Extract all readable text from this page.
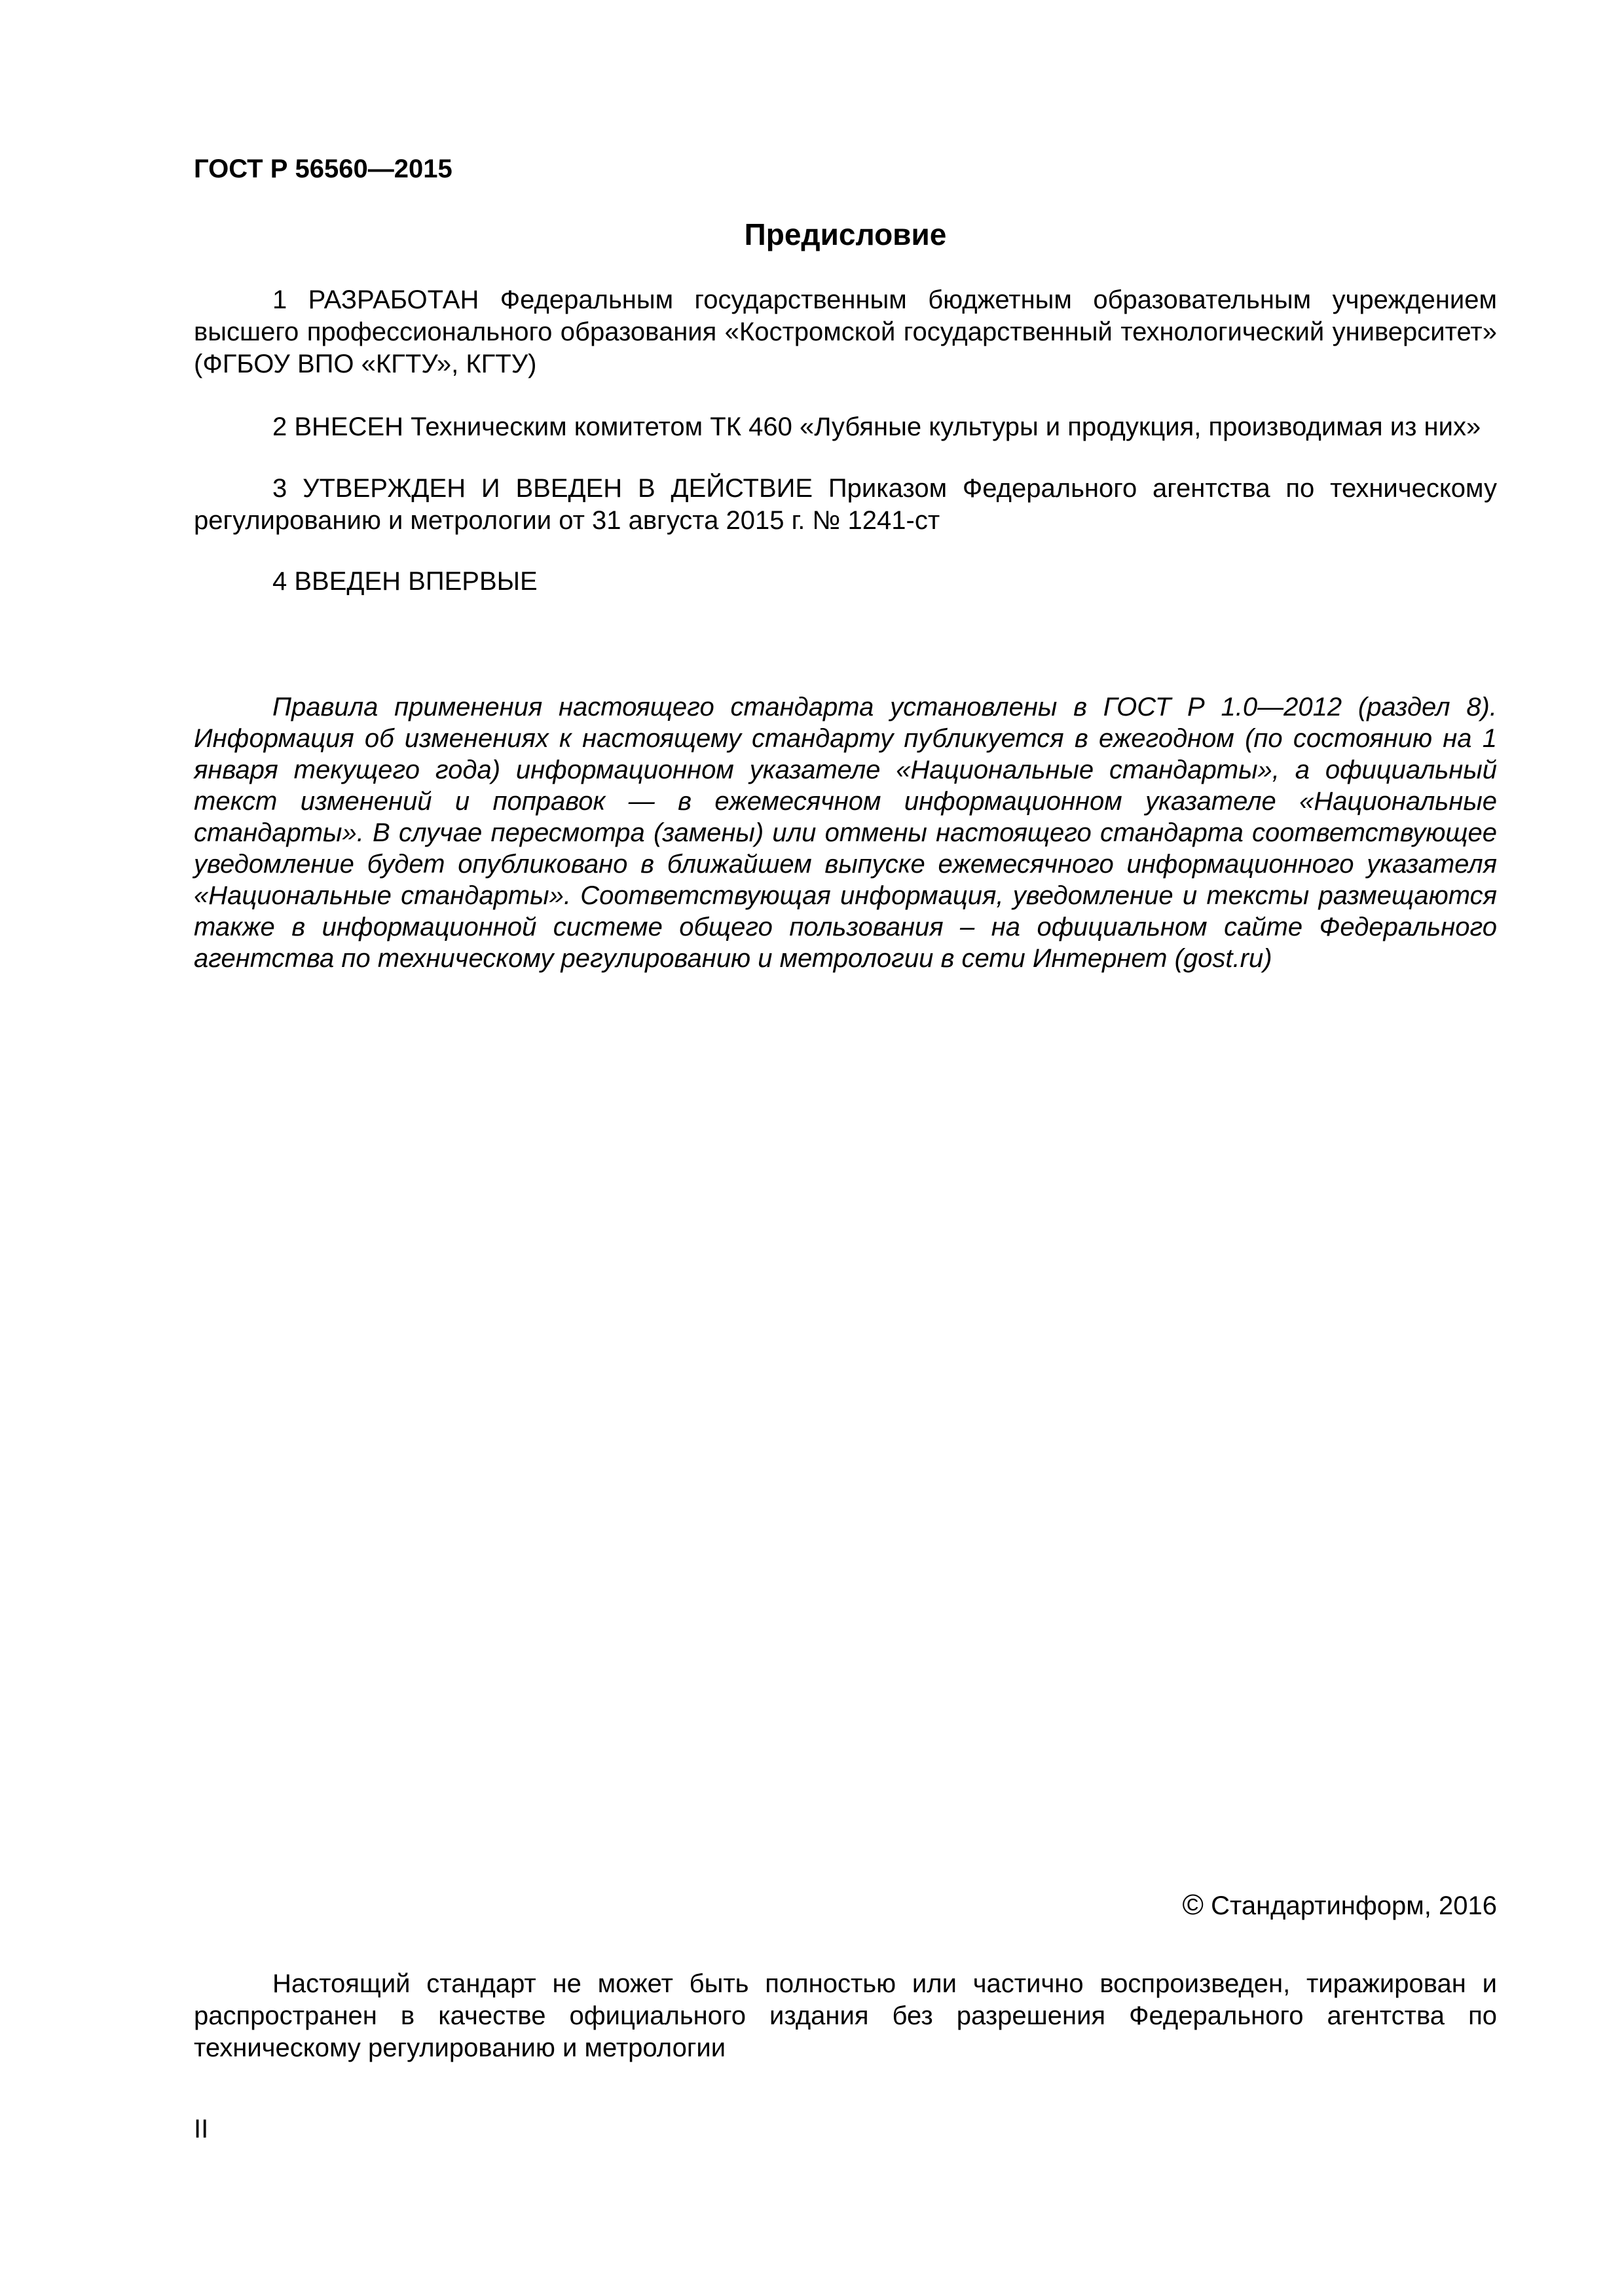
ГОСТ Р 56560—2015
Предисловие

1 РАЗРАБОТАН Федеральным государственным бюджетным образовательным учреждением высшего профессионального образования «Костромской государственный технологический университет» (ФГБОУ ВПО «КГТУ», КГТУ)

2 ВНЕСЕН Техническим комитетом ТК 460 «Лубяные культуры и продукция, производимая из них»

3 УТВЕРЖДЕН И ВВЕДЕН В ДЕЙСТВИЕ Приказом Федерального агентства по техническому регулированию и метрологии от 31 августа 2015 г. № 1241-ст

4 ВВЕДЕН ВПЕРВЫЕ

Правила применения настоящего стандарта установлены в ГОСТ Р 1.0—2012 (раздел 8). Информация об изменениях к настоящему стандарту публикуется в ежегодном (по состоянию на 1 января текущего года) информационном указателе «Национальные стандарты», а официальный текст изменений и поправок — в ежемесячном информационном указателе «Национальные стандарты». В случае пересмотра (замены) или отмены настоящего стандарта соответствующее уведомление будет опубликовано в ближайшем выпуске ежемесячного информационного указателя «Национальные стандарты». Соответствующая информация, уведомление и тексты размещаются также в информационной системе общего пользования – на официальном сайте Федерального агентства по техническому регулированию и метрологии в сети Интернет (gost.ru)

© Стандартинформ, 2016

Настоящий стандарт не может быть полностью или частично воспроизведен, тиражирован и распространен в качестве официального издания без разрешения Федерального агентства по техническому регулированию и метрологии

II
